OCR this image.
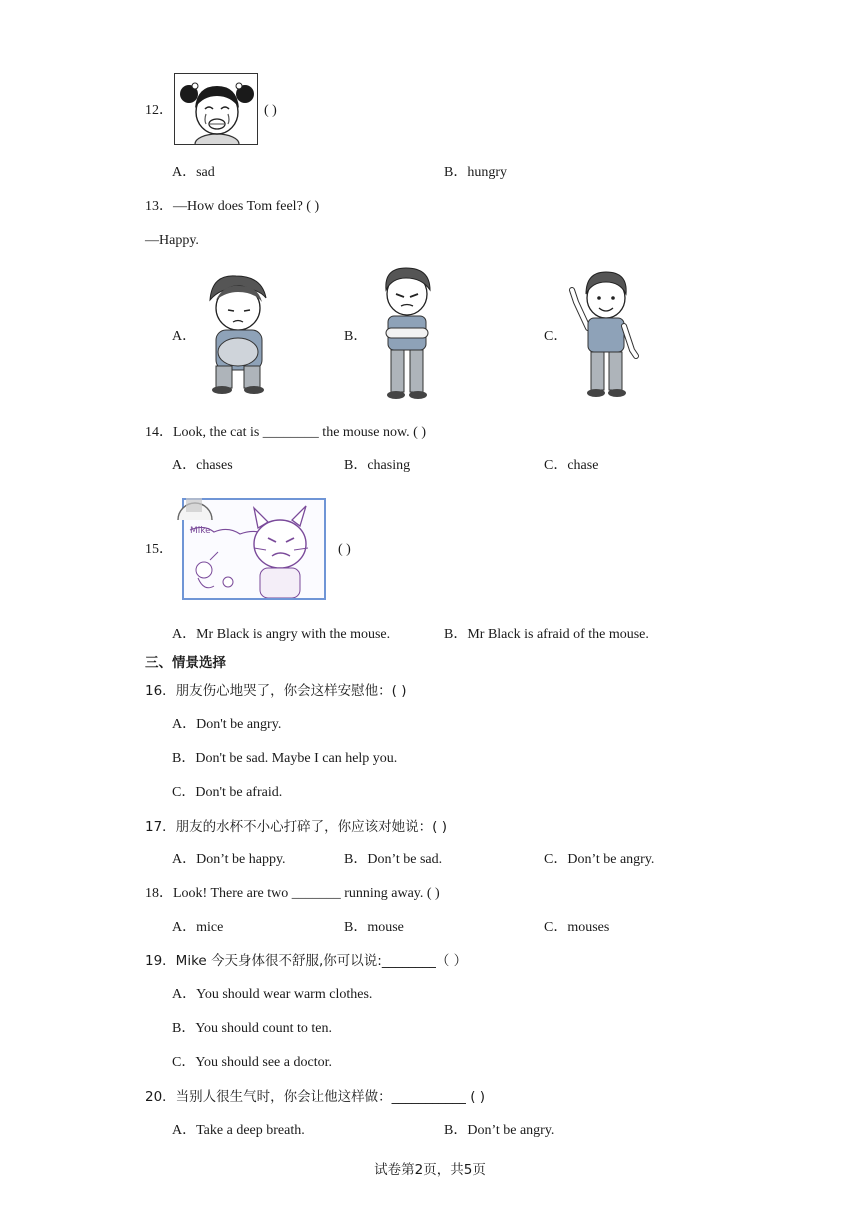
12．	( )
A．sad	B．hungry
13．—How does Tom feel? ( )
—Happy.
A．	B．	C．
14．Look, the cat is ________ the mouse now. ( )
A．chases	B．chasing	C．chase
15．
Mike
( )
A．Mr Black is angry with the mouse.	B．Mr Black is afraid of the mouse.
三、情景选择
16．朋友伤心地哭了，你会这样安慰他：( )
A．Don't be angry.
B．Don't be sad. Maybe I can help you.
C．Don't be afraid.
17．朋友的水杯不小心打碎了，你应该对她说：( )
A．Don’t be happy.	B．Don’t be sad.	C．Don’t be angry.
18．Look! There are two _______ running away. ( )
A．mice	B．mouse	C．mouses
19．Mike 今天身体很不舒服,你可以说:________（ ）
A．You should wear warm clothes.
B．You should count to ten.
C．You should see a doctor.
20．当别人很生气时，你会让他这样做：___________ ( )
A．Take a deep breath.	B．Don’t be angry.
试卷第2页，共5页
